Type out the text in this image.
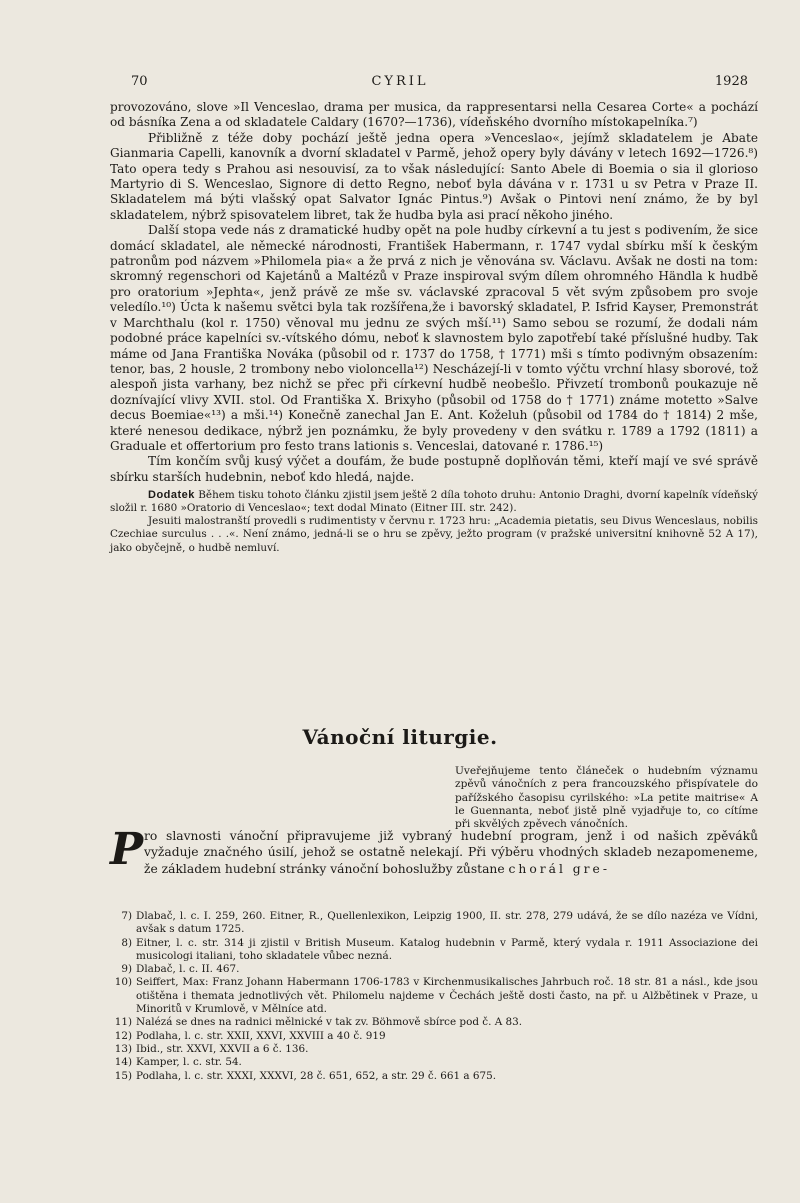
70	CYRIL	1928

provozováno, slove »Il Venceslao, drama per musica, da rappresentarsi nella Cesarea Corte« a pochází od básníka Zena a od skladatele Caldary (1670?—1736), vídeňského dvorního místokapelníka.⁷)

Přibližně z téže doby pochází ještě jedna opera »Venceslao«, jejímž skladatelem je Abate Gianmaria Capelli, kanovník a dvorní skladatel v Parmě, jehož opery byly dávány v letech 1692—1726.⁸) Tato opera tedy s Prahou asi nesouvisí, za to však následující: Santo Abele di Boemia o sia il glorioso Martyrio di S. Wenceslao, Signore di detto Regno, neboť byla dávána v r. 1731 u sv Petra v Praze II. Skladatelem má býti vlašský opat Salvator Ignác Pintus.⁹) Avšak o Pintovi není známo, že by byl skladatelem, nýbrž spisovatelem libret, tak že hudba byla asi prací někoho jiného.

Další stopa vede nás z dramatické hudby opět na pole hudby církevní a tu jest s podivením, že sice domácí skladatel, ale německé národnosti, František Habermann, r. 1747 vydal sbírku mší k českým patronům pod názvem »Philomela pia« a že prvá z nich je věnována sv. Václavu. Avšak ne dosti na tom: skromný regenschori od Kajetánů a Maltézů v Praze inspiroval svým dílem ohromného Händla k hudbě pro oratorium »Jephta«, jenž právě ze mše sv. václavské zpracoval 5 vět svým způsobem pro svoje veledílo.¹⁰) Úcta k našemu světci byla tak rozšířena,že i bavorský skladatel, P. Isfrid Kayser, Premonstrát v Marchthalu (kol r. 1750) věnoval mu jednu ze svých mší.¹¹) Samo sebou se rozumí, že dodali nám podobné práce kapelníci sv.-vítského dómu, neboť k slavnostem bylo zapotřebí také příslušné hudby. Tak máme od Jana Františka Nováka (působil od r. 1737 do 1758, † 1771) mši s tímto podivným obsazením: tenor, bas, 2 housle, 2 trombony nebo violoncella¹²) Nescházejí-li v tomto výčtu vrchní hlasy sborové, tož alespoň jista varhany, bez nichž se přec při církevní hudbě neobešlo. Přivzetí trombonů poukazuje ně doznívající vlivy XVII. stol. Od Františka X. Brixyho (působil od 1758 do † 1771) známe motetto »Salve decus Boemiae«¹³) a mši.¹⁴) Konečně zanechal Jan E. Ant. Koželuh (působil od 1784 do † 1814) 2 mše, které nenesou dedikace, nýbrž jen poznámku, že byly provedeny v den svátku r. 1789 a 1792 (1811) a Graduale et offertorium pro festo trans lationis s. Venceslai, datované r. 1786.¹⁵)

Tím končím svůj kusý výčet a doufám, že bude postupně doplňován těmi, kteří mají ve své správě sbírku starších hudebnin, neboť kdo hledá, najde.

Dodatek Během tisku tohoto článku zjistil jsem ještě 2 díla tohoto druhu: Antonio Draghi, dvorní kapelník vídeňský složil r. 1680 »Oratorio di Venceslao«; text dodal Minato (Eitner III. str. 242).

Jesuiti malostranští provedli s rudimentisty v červnu r. 1723 hru: „Academia pietatis, seu Divus Wenceslaus, nobilis Czechiae surculus . . .«. Není známo, jedná-li se o hru se zpěvy, ježto program (v pražské universitní knihovně 52 A 17), jako obyčejně, o hudbě nemluví.

Vánoční liturgie.
Uveřejňujeme tento článeček o hudebním významu zpěvů vánočních z pera francouzského přispívatele do pařížského časopisu cyrilského: »La petite maitrise« A le Guennanta, neboť jistě plně vyjadřuje to, co cítíme při skvělých zpěvech vánočních.
Pro slavnosti vánoční připravujeme již vybraný hudební program, jenž i od našich zpěváků vyžaduje značného úsilí, jehož se ostatně nelekají. Při výběru vhodných skladeb nezapomeneme, že základem hudební stránky vánoční bohoslužby zůstane chorál gre-
7) Dlabač, l. c. I. 259, 260. Eitner, R., Quellenlexikon, Leipzig 1900, II. str. 278, 279 udává, že se dílo nazéza ve Vídni, avšak s datum 1725.
8) Eitner, l. c. str. 314 ji zjistil v British Museum. Katalog hudebnin v Parmě, který vydala r. 1911 Associazione dei musicologi italiani, toho skladatele vůbec nezná.
9) Dlabač, l. c. II. 467.
10) Seiffert, Max: Franz Johann Habermann 1706-1783 v Kirchenmusikalisches Jahrbuch roč. 18 str. 81 a násl., kde jsou otištěna i themata jednotlivých vět. Philomelu najdeme v Čechách ještě dosti často, na př. u Alžbětinek v Praze, u Minoritů v Krumlově, v Mělníce atd.
11) Nalézá se dnes na radnici mělnické v tak zv. Böhmově sbírce pod č. A 83.
12) Podlaha, l. c. str. XXII, XXVI, XXVIII a 40 č. 919
13) Ibid., str. XXVI, XXVII a 6 č. 136.
14) Kamper, l. c. str. 54.
15) Podlaha, l. c. str. XXXI, XXXVI, 28 č. 651, 652, a str. 29 č. 661 a 675.
